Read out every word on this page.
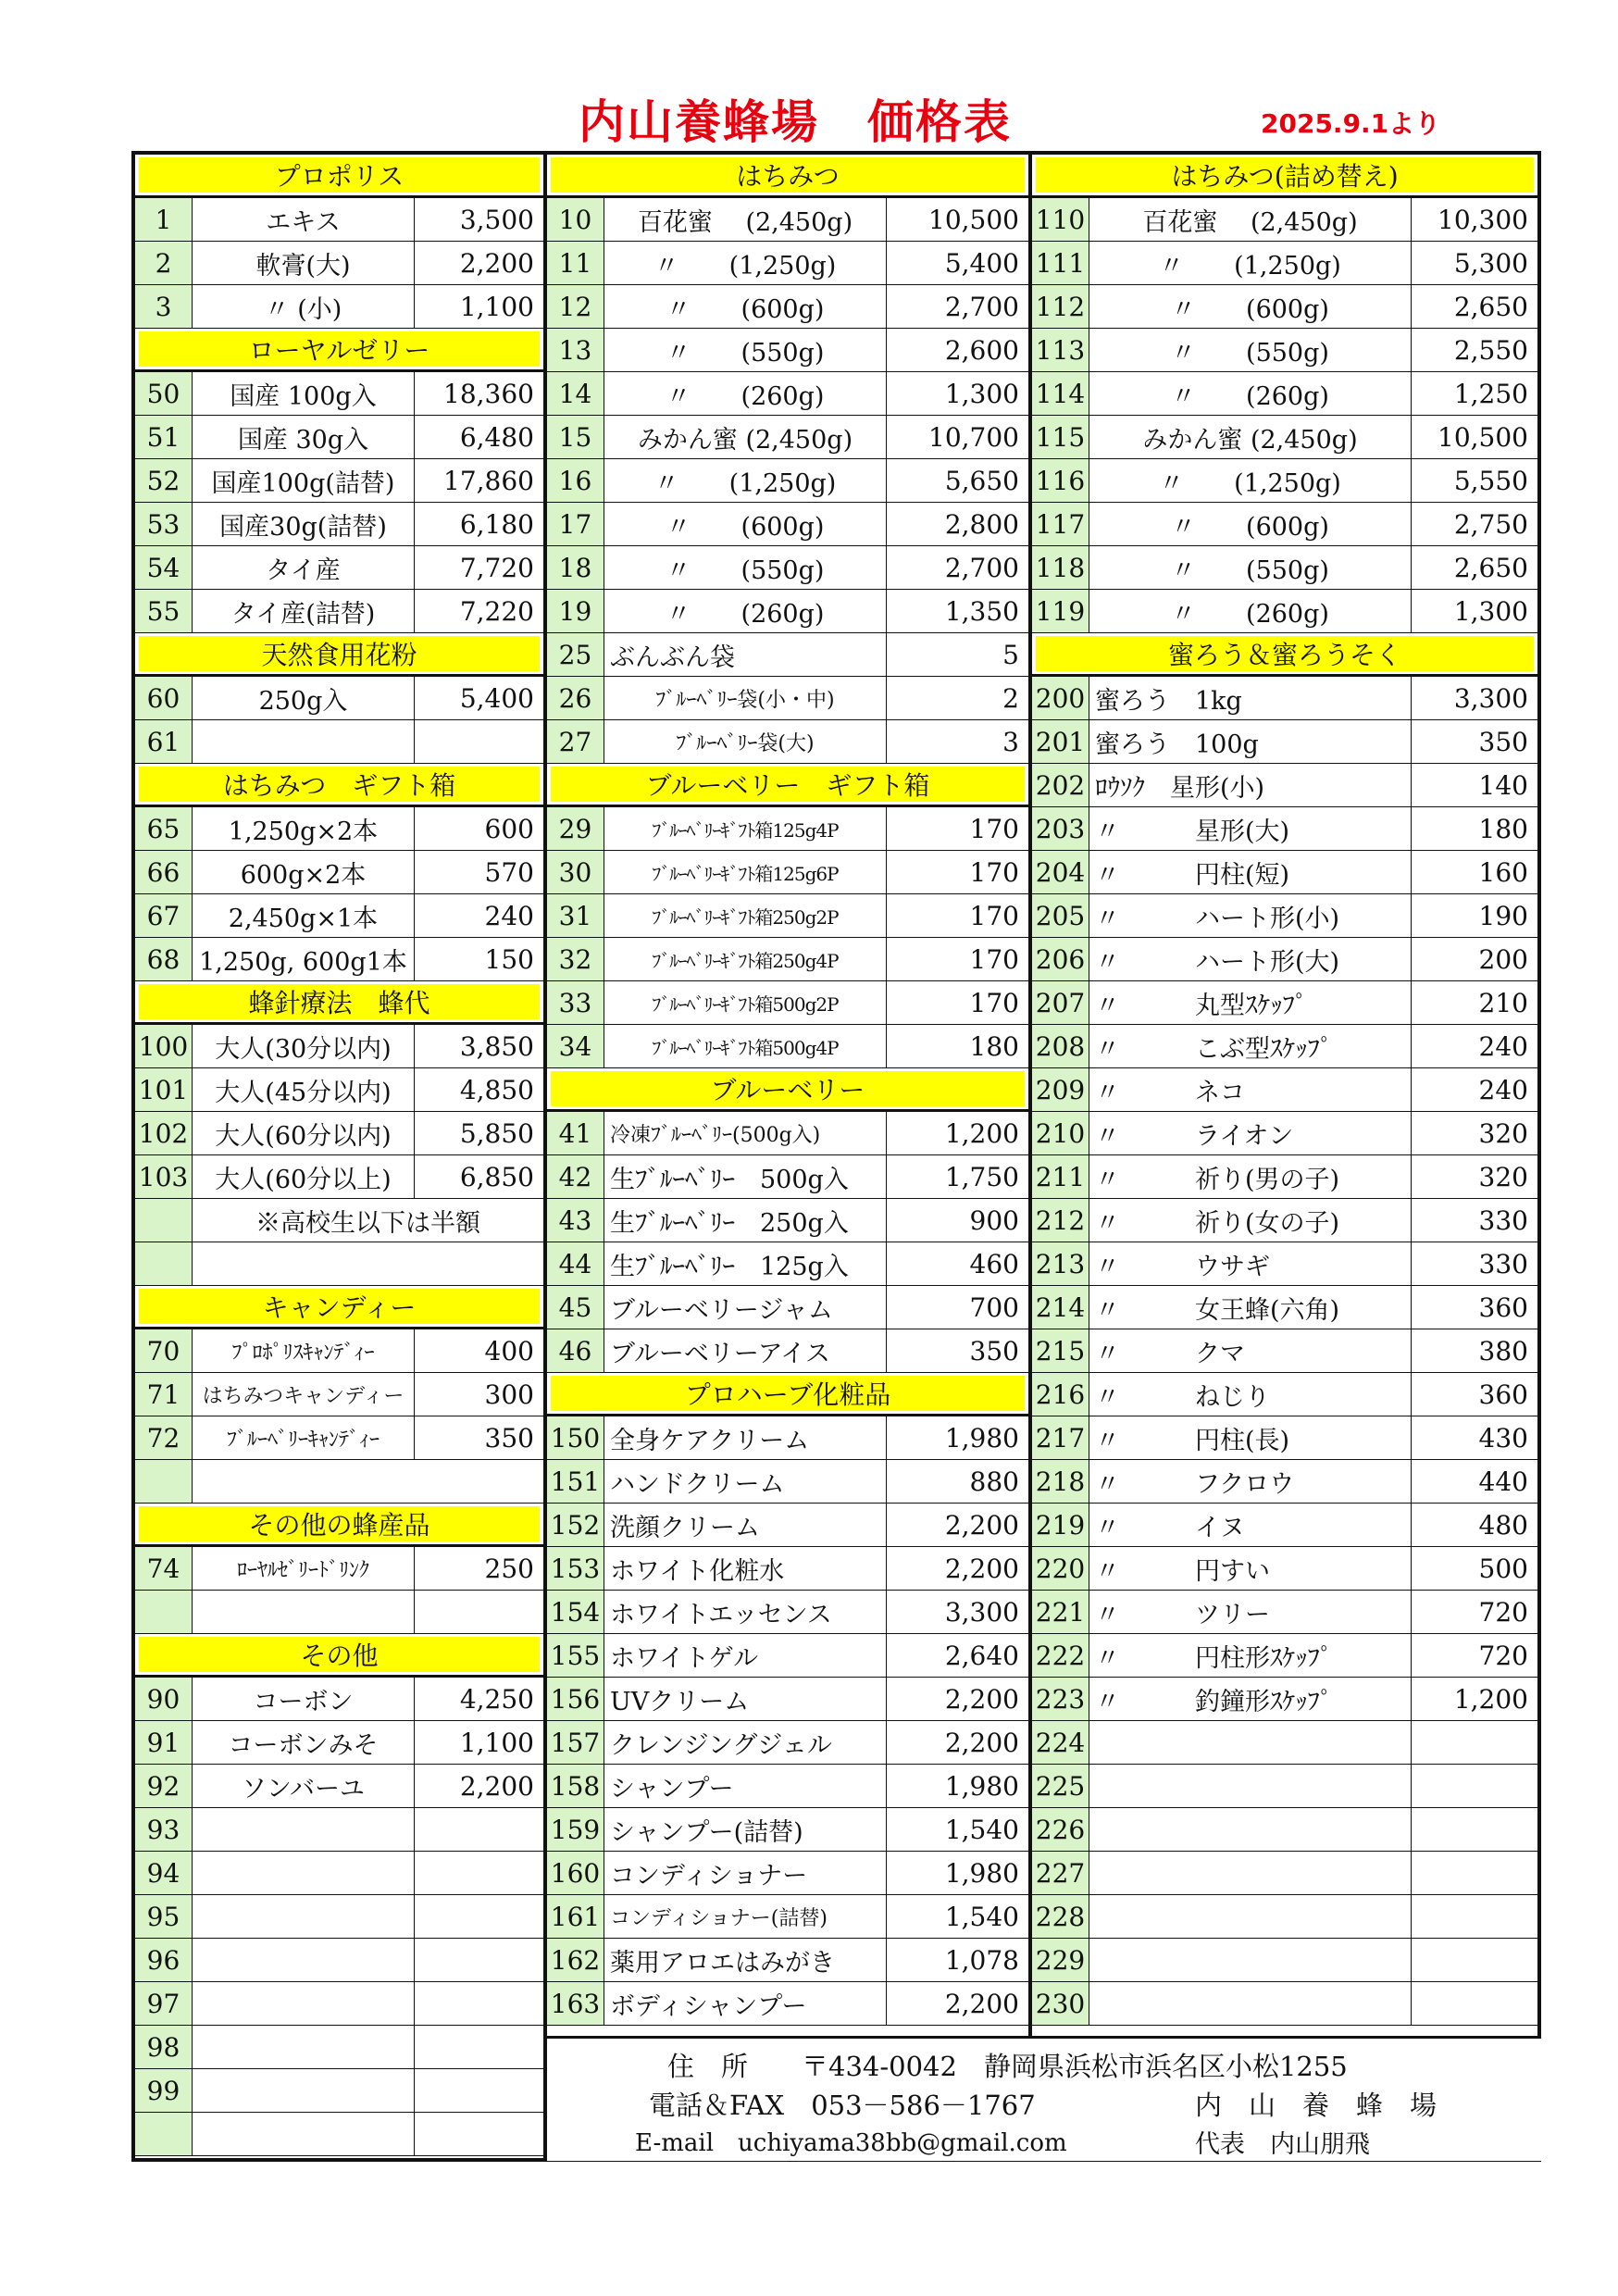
内山養蜂場　価格表	2025.9.1より
プロポリス
1	エキス	3,500
2	軟膏(大)	2,200
3	〃 (小)	1,100
ローヤルゼリー
50	国産 100g入	18,360
51	国産 30g入	6,480
52	国産100g(詰替)	17,860
53	国産30g(詰替)	6,180
54	タイ産	7,720
55	タイ産(詰替)	7,220
天然食用花粉
60	250g入	5,400
61
はちみつ　ギフト箱
65	1,250g×2本	600
66	600g×2本	570
67	2,450g×1本	240
68 1,250g, 600g1本	150
蜂針療法　蜂代
100	大人(30分以内)	3,850
101	大人(45分以内)	4,850
102	大人(60分以内)	5,850
103	大人(60分以上)	6,850
※高校生以下は半額
キャンディー
70	ﾌﾟﾛﾎﾟﾘｽｷｬﾝﾃﾞｨｰ	400
71	はちみつキャンディー	300
72	ﾌﾞﾙｰﾍﾞﾘｰｷｬﾝﾃﾞｨｰ	350
その他の蜂産品
74	ﾛｰﾔﾙｾﾞﾘｰﾄﾞﾘﾝｸ	250
その他
90	コーボン	4,250
91	コーボンみそ	1,100
92	ソンバーユ	2,200
93
94
95
96
97
98
99
はちみつ
10	百花蜜　 (2,450g)	10,500
11	〃　　(1,250g)	5,400
12	〃　　(600g)	2,700
13	〃　　(550g)	2,600
14	〃　　(260g)	1,300
15	みかん蜜 (2,450g)	10,700
16	〃　　(1,250g)	5,650
17	〃　　(600g)	2,800
18	〃　　(550g)	2,700
19	〃　　(260g)	1,350
25 ぶんぶん袋	5
26	ﾌﾞﾙｰﾍﾞﾘｰ袋(小・中)	2
27	ﾌﾞﾙｰﾍﾞﾘｰ袋(大)	3
ブルーベリー　ギフト箱
29	ﾌﾞﾙｰﾍﾞﾘｰｷﾞﾌﾄ箱125g4P	170
30	ﾌﾞﾙｰﾍﾞﾘｰｷﾞﾌﾄ箱125g6P	170
31	ﾌﾞﾙｰﾍﾞﾘｰｷﾞﾌﾄ箱250g2P	170
32	ﾌﾞﾙｰﾍﾞﾘｰｷﾞﾌﾄ箱250g4P	170
33	ﾌﾞﾙｰﾍﾞﾘｰｷﾞﾌﾄ箱500g2P	170
34	ﾌﾞﾙｰﾍﾞﾘｰｷﾞﾌﾄ箱500g4P	180
ブルーベリー
41 冷凍ﾌﾞﾙｰﾍﾞﾘｰ(500g入)	1,200
42 生ﾌﾞﾙｰﾍﾞﾘｰ　500g入	1,750
43 生ﾌﾞﾙｰﾍﾞﾘｰ　250g入	900
44 生ﾌﾞﾙｰﾍﾞﾘｰ　125g入	460
45 ブルーベリージャム	700
46 ブルーベリーアイス	350
プロハーブ化粧品
150 全身ケアクリーム	1,980
151 ハンドクリーム	880
152 洗顔クリーム	2,200
153 ホワイト化粧水	2,200
154 ホワイトエッセンス	3,300
155 ホワイトゲル	2,640
156 UVクリーム	2,200
157 クレンジングジェル	2,200
158 シャンプー	1,980
159 シャンプー(詰替)	1,540
160 コンディショナー	1,980
161 コンディショナー(詰替)	1,540
162 薬用アロエはみがき	1,078
163 ボディシャンプー	2,200
はちみつ(詰め替え)
110	百花蜜　 (2,450g)	10,300
111	〃　　(1,250g)	5,300
112	〃　　(600g)	2,650
113	〃　　(550g)	2,550
114	〃　　(260g)	1,250
115	みかん蜜 (2,450g)	10,500
116	〃　　(1,250g)	5,550
117	〃　　(600g)	2,750
118	〃　　(550g)	2,650
119	〃　　(260g)	1,300
蜜ろう＆蜜ろうそく
200 蜜ろう　1kg	3,300
201 蜜ろう　100g	350
202 ﾛｳｿｸ　星形(小)	140
203 〃　　　星形(大)	180
204 〃　　　円柱(短)	160
205 〃　　　ハート形(小)	190
206 〃　　　ハート形(大)	200
207 〃　　　丸型ｽｹｯﾌﾟ	210
208 〃　　　こぶ型ｽｹｯﾌﾟ	240
209 〃　　　ネコ	240
210 〃　　　ライオン	320
211 〃　　　祈り(男の子)	320
212 〃　　　祈り(女の子)	330
213 〃　　　ウサギ	330
214 〃　　　女王蜂(六角)	360
215 〃　　　クマ	380
216 〃　　　ねじり	360
217 〃　　　円柱(長)	430
218 〃　　　フクロウ	440
219 〃　　　イヌ	480
220 〃　　　円すい	500
221 〃　　　ツリー	720
222 〃　　　円柱形ｽｹｯﾌﾟ	720
223 〃　　　釣鐘形ｽｹｯﾌﾟ	1,200
224
225
226
227
228
229
230
住　所　　〒434-0042　静岡県浜松市浜名区小松1255
電話＆FAX　053－586－1767	内　山　養　蜂　場
E-mail　uchiyama38bb@gmail.com	代表　内山朋飛
